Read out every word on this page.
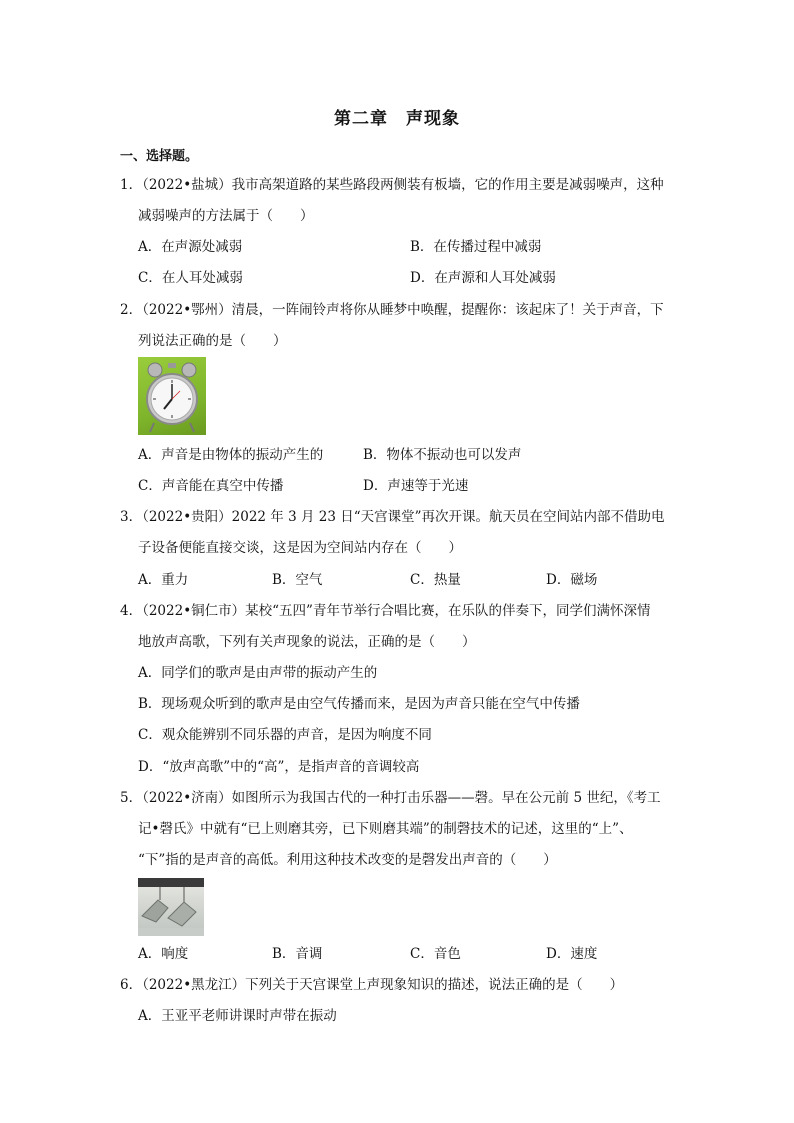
第二章　声现象
一、选择题。
1．（2022•盐城）我市高架道路的某些路段两侧装有板墙，它的作用主要是减弱噪声，这种
减弱噪声的方法属于（　　）
A．在声源处减弱	B．在传播过程中减弱
C．在人耳处减弱	D．在声源和人耳处减弱
2．（2022•鄂州）清晨，一阵闹铃声将你从睡梦中唤醒，提醒你：该起床了！关于声音，下
列说法正确的是（　　）
A．声音是由物体的振动产生的	B．物体不振动也可以发声
C．声音能在真空中传播	D．声速等于光速
3．（2022•贵阳）2022 年 3 月 23 日“天宫课堂”再次开课。航天员在空间站内部不借助电
子设备便能直接交谈，这是因为空间站内存在（　　）
A．重力	B．空气	C．热量	D．磁场
4．（2022•铜仁市）某校“五四”青年节举行合唱比赛，在乐队的伴奏下，同学们满怀深情
地放声高歌，下列有关声现象的说法，正确的是（　　）
A．同学们的歌声是由声带的振动产生的
B．现场观众听到的歌声是由空气传播而来，是因为声音只能在空气中传播
C．观众能辨别不同乐器的声音，是因为响度不同
D．“放声高歌”中的“高”，是指声音的音调较高
5．（2022•济南）如图所示为我国古代的一种打击乐器——磬。早在公元前 5 世纪，《考工
记•磬氏》中就有“已上则磨其旁，已下则磨其端”的制磬技术的记述，这里的“上”、
“下”指的是声音的高低。利用这种技术改变的是磬发出声音的（　　）
A．响度	B．音调	C．音色	D．速度
6．（2022•黑龙江）下列关于天宫课堂上声现象知识的描述，说法正确的是（　　）
A．王亚平老师讲课时声带在振动
